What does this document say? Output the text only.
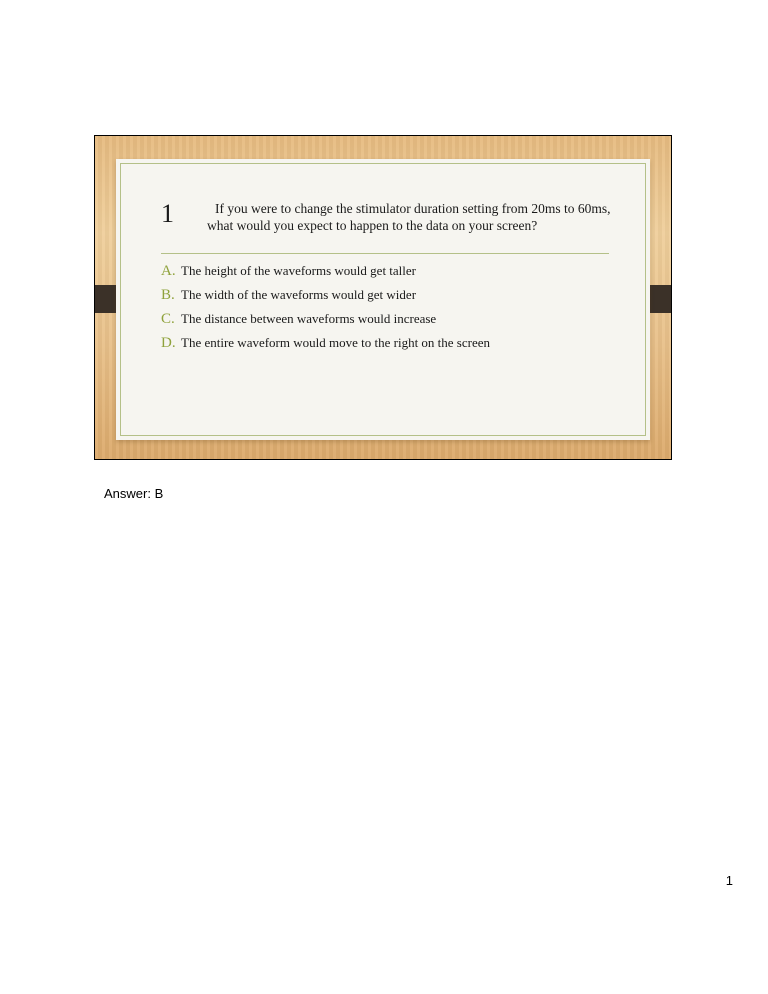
1	If you were to change the stimulator duration setting from 20ms to 60ms, what would you expect to happen to the data on your screen?
A. The height of the waveforms would get taller
B. The width of the waveforms would get wider
C. The distance between waveforms would increase
D. The entire waveform would move to the right on the screen
Answer: B
1
